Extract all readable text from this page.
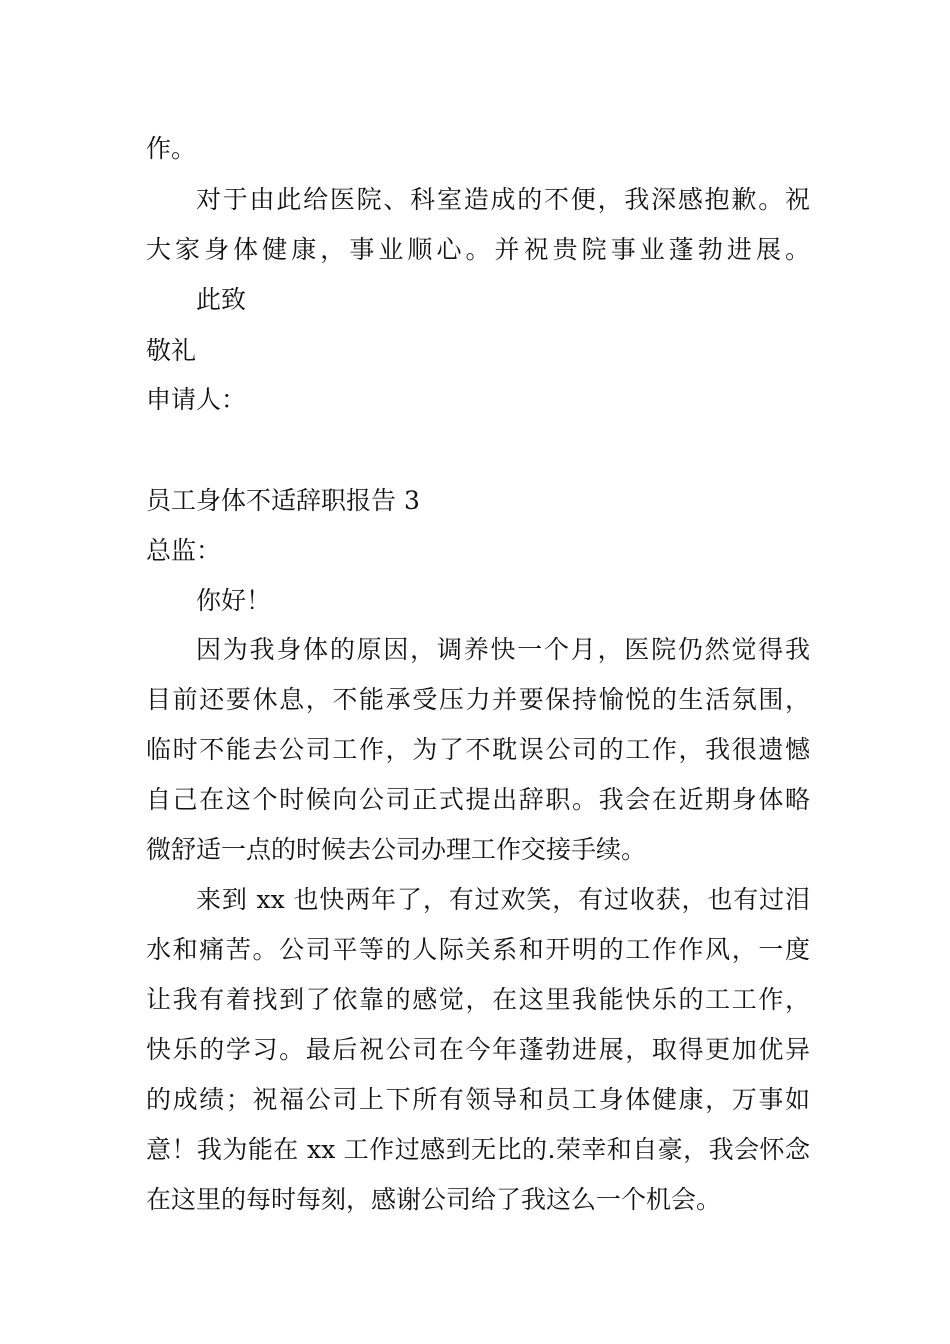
作。
对于由此给医院、科室造成的不便，我深感抱歉。祝
大家身体健康，事业顺心。并祝贵院事业蓬勃进展。
此致
敬礼
申请人：
员工身体不适辞职报告 3
总监：
你好！
因为我身体的原因，调养快一个月，医院仍然觉得我
目前还要休息，不能承受压力并要保持愉悦的生活氛围，
临时不能去公司工作，为了不耽误公司的工作，我很遗憾
自己在这个时候向公司正式提出辞职。我会在近期身体略
微舒适一点的时候去公司办理工作交接手续。
来到 xx 也快两年了，有过欢笑，有过收获，也有过泪
水和痛苦。公司平等的人际关系和开明的工作作风，一度
让我有着找到了依靠的感觉，在这里我能快乐的工工作，
快乐的学习。最后祝公司在今年蓬勃进展，取得更加优异
的成绩；祝福公司上下所有领导和员工身体健康，万事如
意！我为能在 xx 工作过感到无比的.荣幸和自豪，我会怀念
在这里的每时每刻，感谢公司给了我这么一个机会。
